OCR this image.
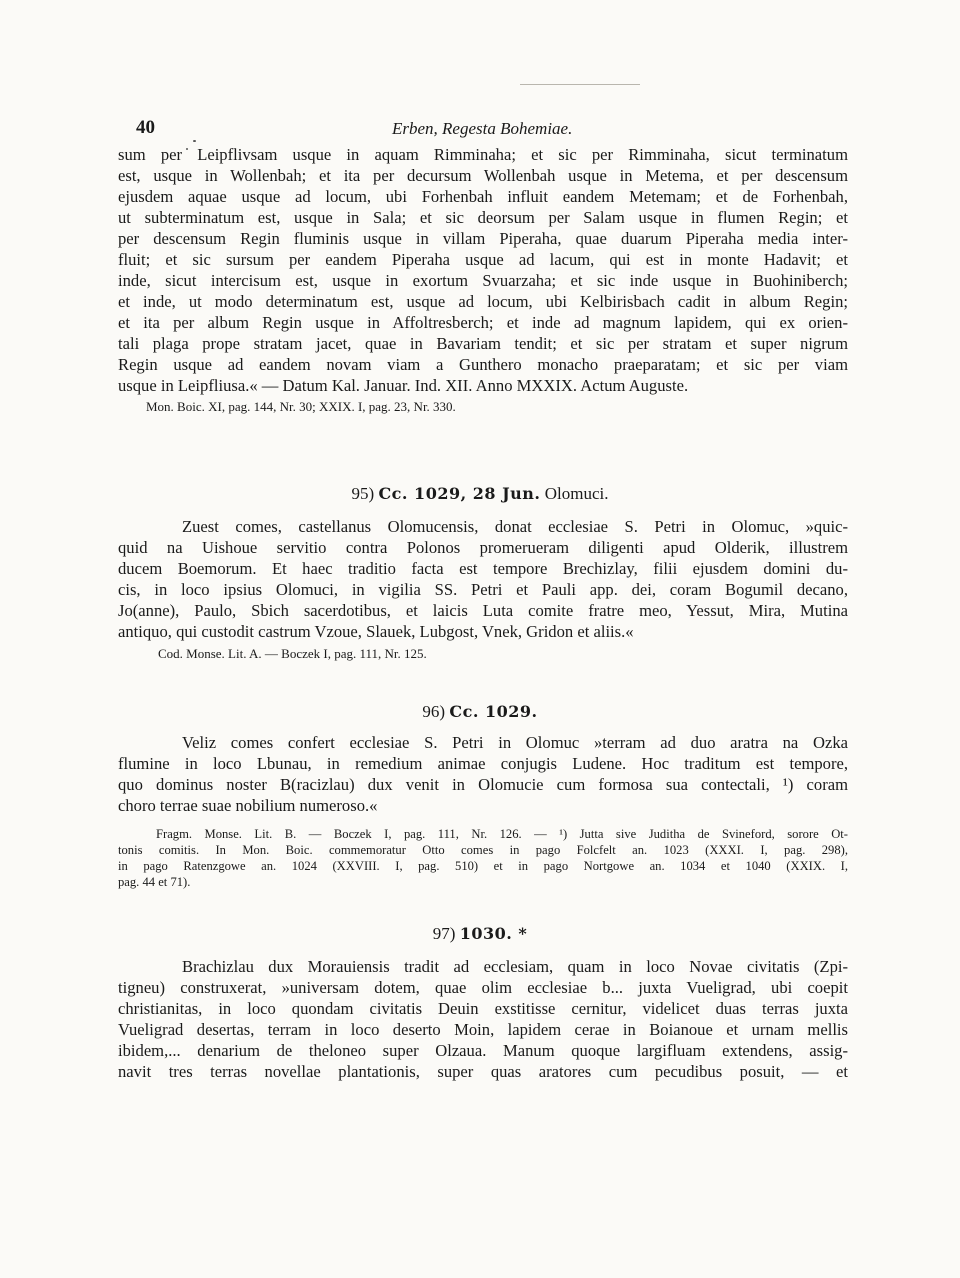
40	Erben, Regesta Bohemiae.
sum per Leipflivsam usque in aquam Rimminaha; et sic per Rimminaha, sicut terminatum
est, usque in Wollenbah; et ita per decursum Wollenbah usque in Metema, et per descensum
ejusdem aquae usque ad locum, ubi Forhenbah influit eandem Metemam; et de Forhenbah,
ut subterminatum est, usque in Sala; et sic deorsum per Salam usque in flumen Regin; et
per descensum Regin fluminis usque in villam Piperaha, quae duarum Piperaha media inter-
fluit; et sic sursum per eandem Piperaha usque ad lacum, qui est in monte Hadavit; et
inde, sicut intercisum est, usque in exortum Svuarzaha; et sic inde usque in Buohiniberch;
et inde, ut modo determinatum est, usque ad locum, ubi Kelbirisbach cadit in album Regin;
et ita per album Regin usque in Affoltresberch; et inde ad magnum lapidem, qui ex orien-
tali plaga prope stratam jacet, quae in Bavariam tendit; et sic per stratam et super nigrum
Regin usque ad eandem novam viam a Gunthero monacho praeparatam; et sic per viam
usque in Leipfliusa.« — Datum Kal. Januar. Ind. XII. Anno MXXIX. Actum Auguste.
Mon. Boic. XI, pag. 144, Nr. 30; XXIX. I, pag. 23, Nr. 330.
95) Cc. 1029, 28 Jun. Olomuci.
Zuest comes, castellanus Olomucensis, donat ecclesiae S. Petri in Olomuc, »quic-
quid na Uishoue servitio contra Polonos promerueram diligenti apud Olderik, illustrem
ducem Boemorum. Et haec traditio facta est tempore Brechizlay, filii ejusdem domini du-
cis, in loco ipsius Olomuci, in vigilia SS. Petri et Pauli app. dei, coram Bogumil decano,
Jo(anne), Paulo, Sbich sacerdotibus, et laicis Luta comite fratre meo, Yessut, Mira, Mutina
antiquo, qui custodit castrum Vzoue, Slauek, Lubgost, Vnek, Gridon et aliis.«
Cod. Monse. Lit. A. — Boczek I, pag. 111, Nr. 125.
96) Cc. 1029.
Veliz comes confert ecclesiae S. Petri in Olomuc »terram ad duo aratra na Ozka
flumine in loco Lbunau, in remedium animae conjugis Ludene. Hoc traditum est tempore,
quo dominus noster B(racizlau) dux venit in Olomucie cum formosa sua contectali, ¹) coram
choro terrae suae nobilium numeroso.«
Fragm. Monse. Lit. B. — Boczek I, pag. 111, Nr. 126. — ¹) Jutta sive Juditha de Svineford, sorore Ot-
tonis comitis. In Mon. Boic. commemoratur Otto comes in pago Folcfelt an. 1023 (XXXI. I, pag. 298),
in pago Ratenzgowe an. 1024 (XXVIII. I, pag. 510) et in pago Nortgowe an. 1034 et 1040 (XXIX. I,
pag. 44 et 71).
97) 1030. *
Brachizlau dux Morauiensis tradit ad ecclesiam, quam in loco Novae civitatis (Zpi-
tigneu) construxerat, »universam dotem, quae olim ecclesiae b... juxta Vueligrad, ubi coepit
christianitas, in loco quondam civitatis Deuin exstitisse cernitur, videlicet duas terras juxta
Vueligrad desertas, terram in loco deserto Moin, lapidem cerae in Boianoue et urnam mellis
ibidem,... denarium de theloneo super Olzaua. Manum quoque largifluam extendens, assig-
navit tres terras novellae plantationis, super quas aratores cum pecudibus posuit, — et
